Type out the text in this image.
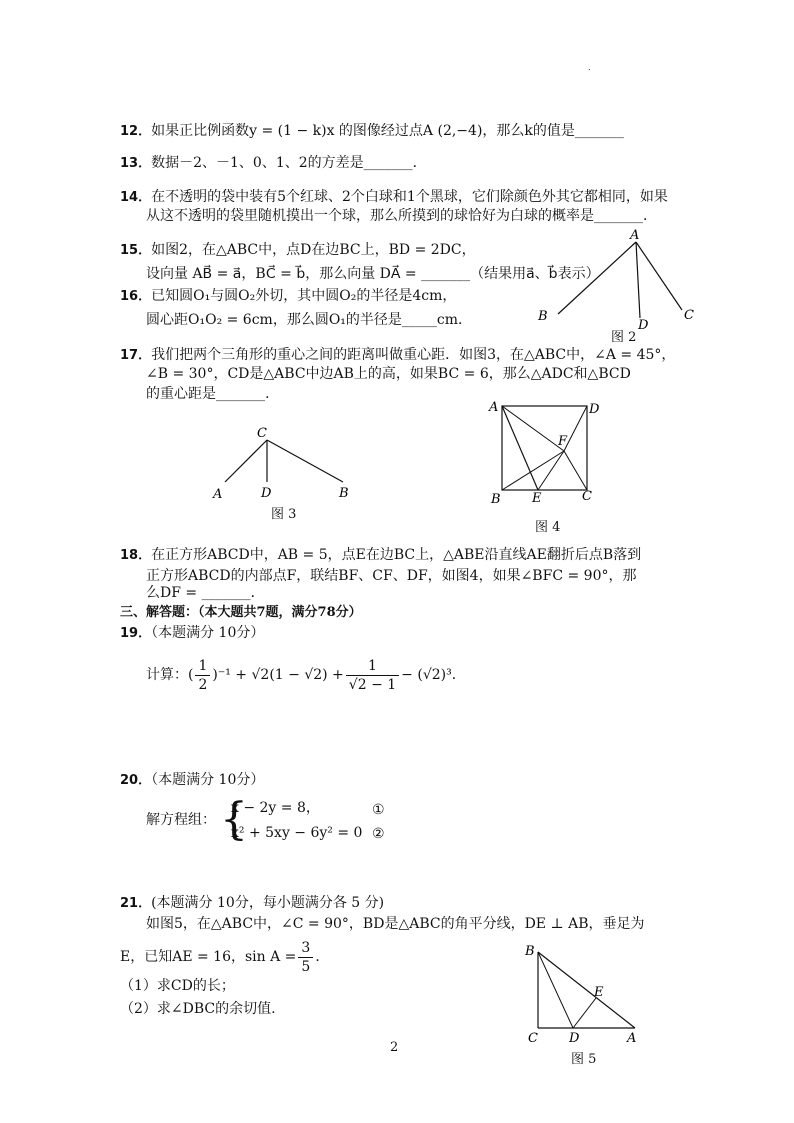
.
12．如果正比例函数y = (1 − k)x 的图像经过点A (2,−4)，那么k的值是_______
13．数据－2、－1、0、1、2的方差是_______．
14．在不透明的袋中装有5个红球、2个白球和1个黑球，它们除颜色外其它都相同，如果
从这不透明的袋里随机摸出一个球，那么所摸到的球恰好为白球的概率是_______．
15．如图2，在△ABC中，点D在边BC上，BD = 2DC，
设向量 AB⃗ = a⃗，BC⃗ = b⃗，那么向量 DA⃗ = _______（结果用a⃗、b⃗表示）
16．已知圆O₁与圆O₂外切，其中圆O₂的半径是4cm，
圆心距O₁O₂ = 6cm，那么圆O₁的半径是_____cm．
A
B
D
C
图 2
17．我们把两个三角形的重心之间的距离叫做重心距．如图3，在△ABC中，∠A = 45°，
∠B = 30°，CD是△ABC中边AB上的高，如果BC = 6，那么△ADC和△BCD
的重心距是_______.
C
A	D	B
图 3
A	D
F
B E	C
图 4
18．在正方形ABCD中，AB = 5，点E在边BC上，△ABE沿直线AE翻折后点B落到
正方形ABCD的内部点F，联结BF、CF、DF，如图4，如果∠BFC = 90°，那
么DF = _______．
三、解答题：（本大题共7题，满分78分）
19．（本题满分 10分）
计算：( $\frac{1}{2} )^{-1} + √2(1 - √2) + \frac{1}{√2 - 1} - (√2)^3$．
20．（本题满分 10分）
解方程组： {
x − 2y = 8，
x² + 5xy − 6y² = 0
①
②
21．(本题满分 10分，每小题满分各 5 分)
如图5，在△ABC中，∠C = 90°，BD是△ABC的角平分线，DE ⊥ AB，垂足为
E，已知AE = 16，$\sin A = \frac{3}{5}$ ．
（1）求CD的长；
（2）求∠DBC的余切值.
B
E
C D	A
图 5
2
